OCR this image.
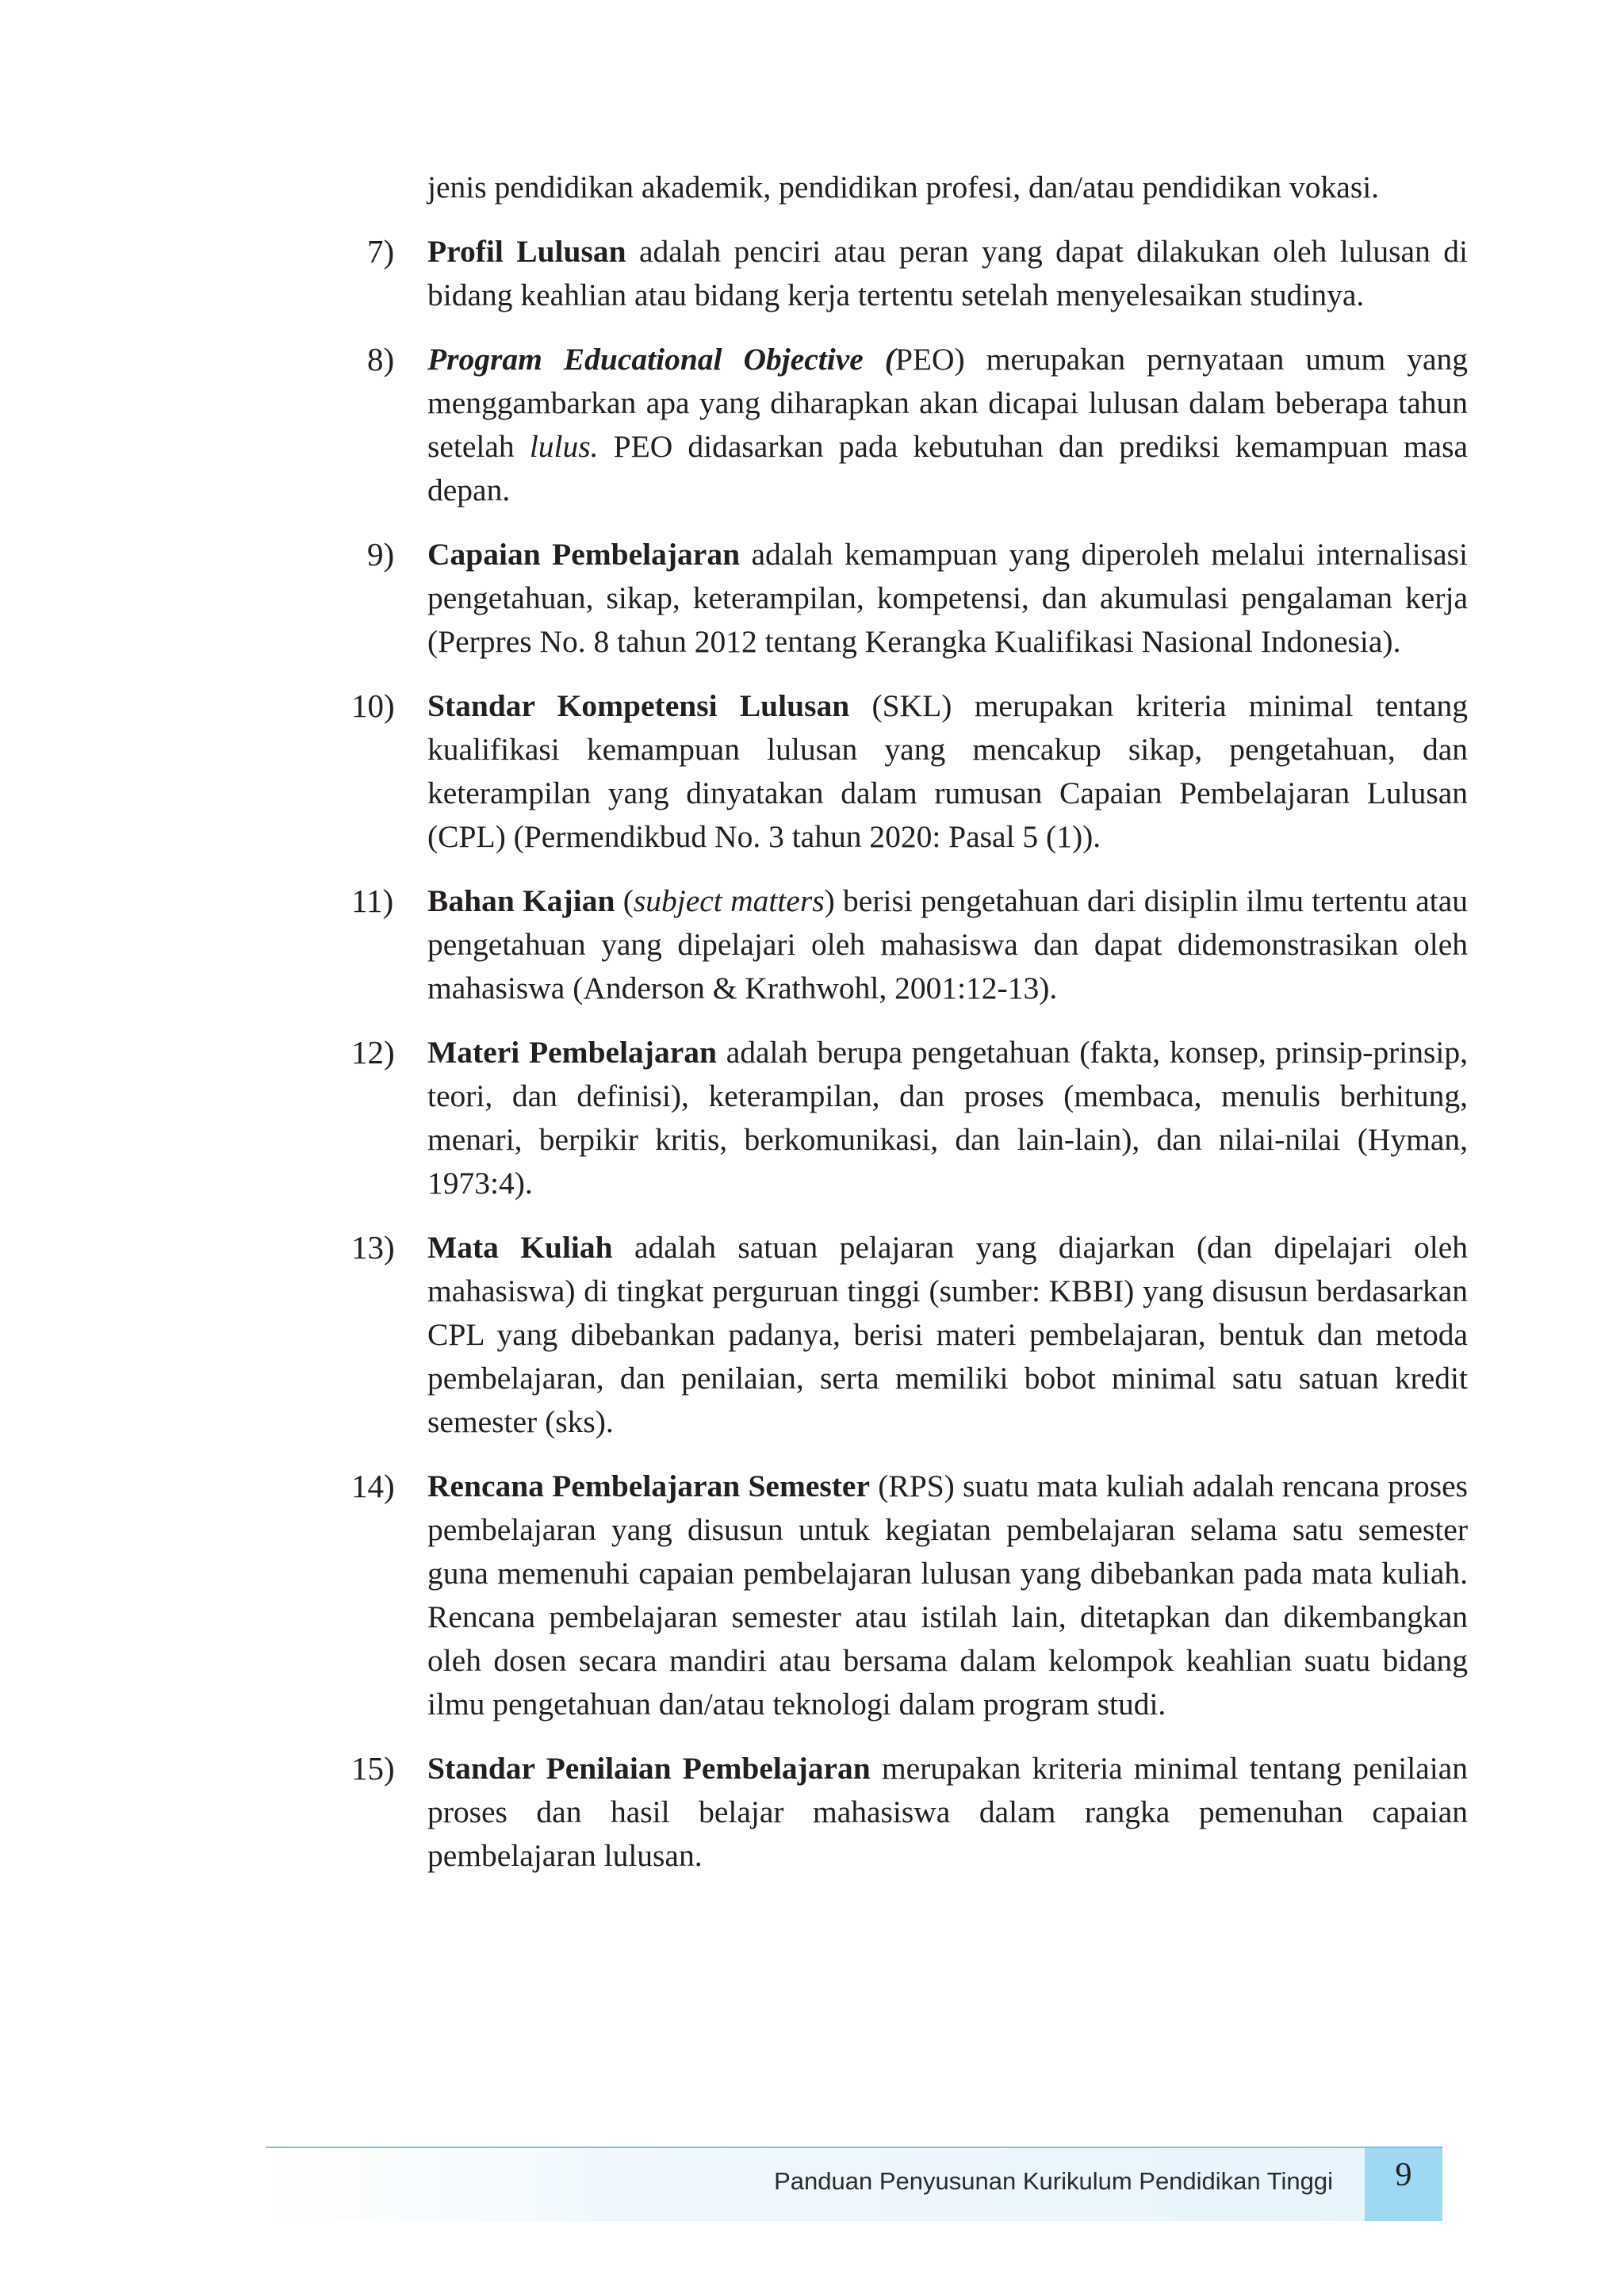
jenis pendidikan akademik, pendidikan profesi, dan/atau pendidikan vokasi.

7) Profil Lulusan adalah penciri atau peran yang dapat dilakukan oleh lulusan di bidang keahlian atau bidang kerja tertentu setelah menyelesaikan studinya.
8) Program Educational Objective (PEO) merupakan pernyataan umum yang menggambarkan apa yang diharapkan akan dicapai lulusan dalam beberapa tahun setelah lulus. PEO didasarkan pada kebutuhan dan prediksi kemampuan masa depan.
9) Capaian Pembelajaran adalah kemampuan yang diperoleh melalui internalisasi pengetahuan, sikap, keterampilan, kompetensi, dan akumulasi pengalaman kerja (Perpres No. 8 tahun 2012 tentang Kerangka Kualifikasi Nasional Indonesia).
10) Standar Kompetensi Lulusan (SKL) merupakan kriteria minimal tentang kualifikasi kemampuan lulusan yang mencakup sikap, pengetahuan, dan keterampilan yang dinyatakan dalam rumusan Capaian Pembelajaran Lulusan (CPL) (Permendikbud No. 3 tahun 2020: Pasal 5 (1)).
11) Bahan Kajian (subject matters) berisi pengetahuan dari disiplin ilmu tertentu atau pengetahuan yang dipelajari oleh mahasiswa dan dapat didemonstrasikan oleh mahasiswa (Anderson & Krathwohl, 2001:12-13).
12) Materi Pembelajaran adalah berupa pengetahuan (fakta, konsep, prinsip-prinsip, teori, dan definisi), keterampilan, dan proses (membaca, menulis berhitung, menari, berpikir kritis, berkomunikasi, dan lain-lain), dan nilai-nilai (Hyman, 1973:4).
13) Mata Kuliah adalah satuan pelajaran yang diajarkan (dan dipelajari oleh mahasiswa) di tingkat perguruan tinggi (sumber: KBBI) yang disusun berdasarkan CPL yang dibebankan padanya, berisi materi pembelajaran, bentuk dan metoda pembelajaran, dan penilaian, serta memiliki bobot minimal satu satuan kredit semester (sks).
14) Rencana Pembelajaran Semester (RPS) suatu mata kuliah adalah rencana proses pembelajaran yang disusun untuk kegiatan pembelajaran selama satu semester guna memenuhi capaian pembelajaran lulusan yang dibebankan pada mata kuliah. Rencana pembelajaran semester atau istilah lain, ditetapkan dan dikembangkan oleh dosen secara mandiri atau bersama dalam kelompok keahlian suatu bidang ilmu pengetahuan dan/atau teknologi dalam program studi.
15) Standar Penilaian Pembelajaran merupakan kriteria minimal tentang penilaian proses dan hasil belajar mahasiswa dalam rangka pemenuhan capaian pembelajaran lulusan.
Panduan Penyusunan Kurikulum Pendidikan Tinggi	9
